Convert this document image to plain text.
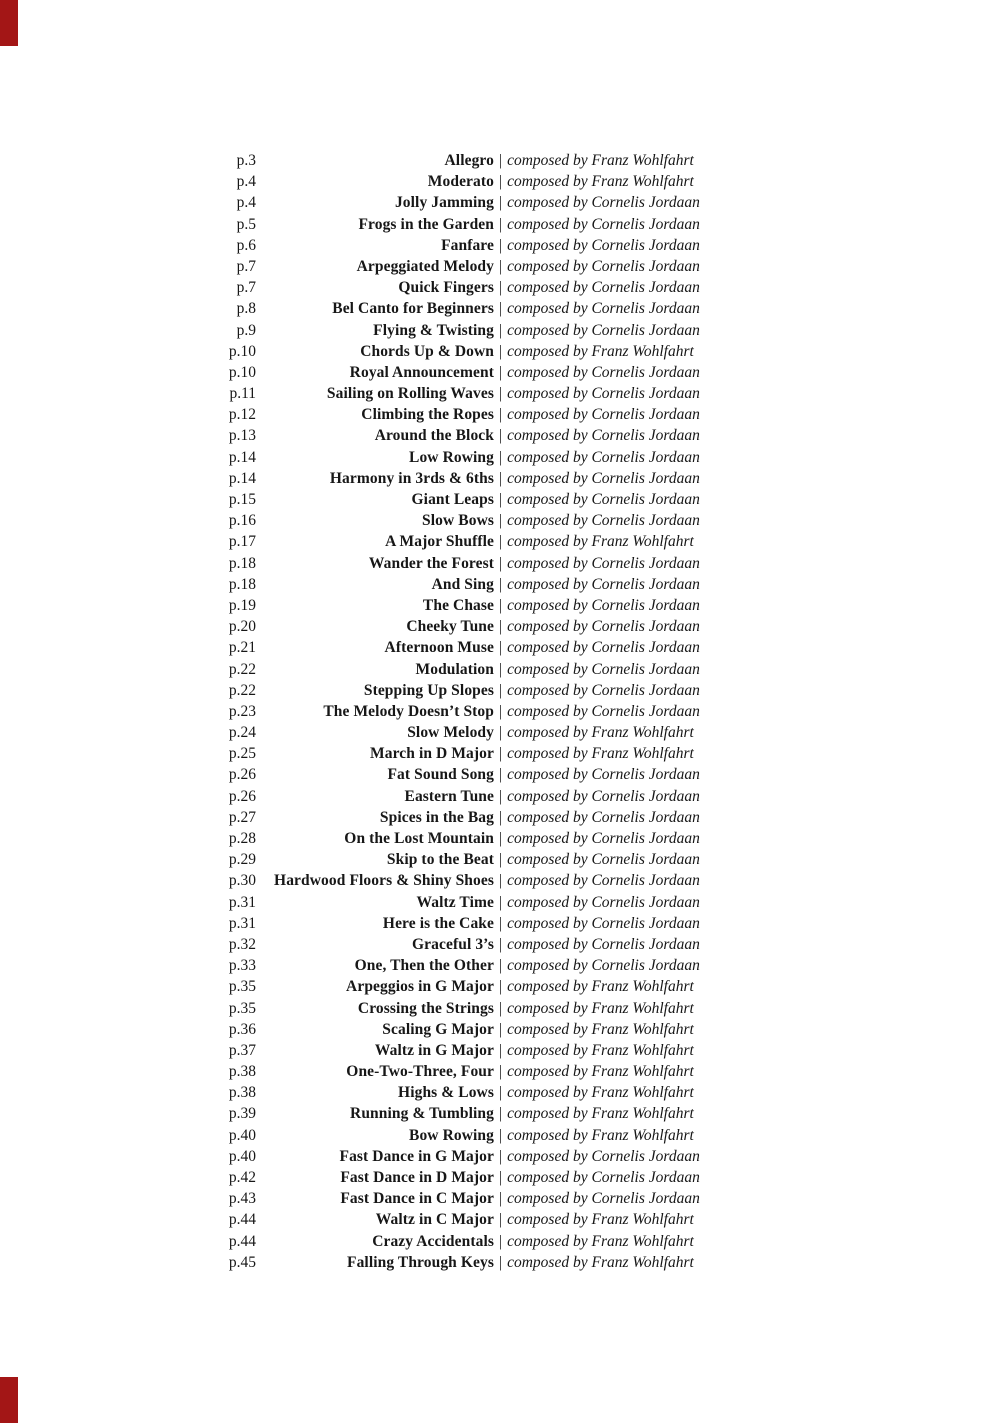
p.3	Allegro | composed by Franz Wohlfahrt
p.4	Moderato | composed by Franz Wohlfahrt
p.4	Jolly Jamming | composed by Cornelis Jordaan
p.5	Frogs in the Garden | composed by Cornelis Jordaan
p.6	Fanfare | composed by Cornelis Jordaan
p.7	Arpeggiated Melody | composed by Cornelis Jordaan
p.7	Quick Fingers | composed by Cornelis Jordaan
p.8	Bel Canto for Beginners | composed by Cornelis Jordaan
p.9	Flying & Twisting | composed by Cornelis Jordaan
p.10	Chords Up & Down | composed by Franz Wohlfahrt
p.10	Royal Announcement | composed by Cornelis Jordaan
p.11	Sailing on Rolling Waves | composed by Cornelis Jordaan
p.12	Climbing the Ropes | composed by Cornelis Jordaan
p.13	Around the Block | composed by Cornelis Jordaan
p.14	Low Rowing | composed by Cornelis Jordaan
p.14	Harmony in 3rds & 6ths | composed by Cornelis Jordaan
p.15	Giant Leaps | composed by Cornelis Jordaan
p.16	Slow Bows | composed by Cornelis Jordaan
p.17	A Major Shuffle | composed by Franz Wohlfahrt
p.18	Wander the Forest | composed by Cornelis Jordaan
p.18	And Sing | composed by Cornelis Jordaan
p.19	The Chase | composed by Cornelis Jordaan
p.20	Cheeky Tune | composed by Cornelis Jordaan
p.21	Afternoon Muse | composed by Cornelis Jordaan
p.22	Modulation | composed by Cornelis Jordaan
p.22	Stepping Up Slopes | composed by Cornelis Jordaan
p.23	The Melody Doesn’t Stop | composed by Cornelis Jordaan
p.24	Slow Melody | composed by Franz Wohlfahrt
p.25	March in D Major | composed by Franz Wohlfahrt
p.26	Fat Sound Song | composed by Cornelis Jordaan
p.26	Eastern Tune | composed by Cornelis Jordaan
p.27	Spices in the Bag | composed by Cornelis Jordaan
p.28	On the Lost Mountain | composed by Cornelis Jordaan
p.29	Skip to the Beat | composed by Cornelis Jordaan
p.30	Hardwood Floors & Shiny Shoes | composed by Cornelis Jordaan
p.31	Waltz Time | composed by Cornelis Jordaan
p.31	Here is the Cake | composed by Cornelis Jordaan
p.32	Graceful 3’s | composed by Cornelis Jordaan
p.33	One, Then the Other | composed by Cornelis Jordaan
p.35	Arpeggios in G Major | composed by Franz Wohlfahrt
p.35	Crossing the Strings | composed by Franz Wohlfahrt
p.36	Scaling G Major | composed by Franz Wohlfahrt
p.37	Waltz in G Major | composed by Franz Wohlfahrt
p.38	One-Two-Three, Four | composed by Franz Wohlfahrt
p.38	Highs & Lows | composed by Franz Wohlfahrt
p.39	Running & Tumbling | composed by Franz Wohlfahrt
p.40	Bow Rowing | composed by Franz Wohlfahrt
p.40	Fast Dance in G Major | composed by Cornelis Jordaan
p.42	Fast Dance in D Major | composed by Cornelis Jordaan
p.43	Fast Dance in C Major | composed by Cornelis Jordaan
p.44	Waltz in C Major | composed by Franz Wohlfahrt
p.44	Crazy Accidentals | composed by Franz Wohlfahrt
p.45	Falling Through Keys | composed by Franz Wohlfahrt
